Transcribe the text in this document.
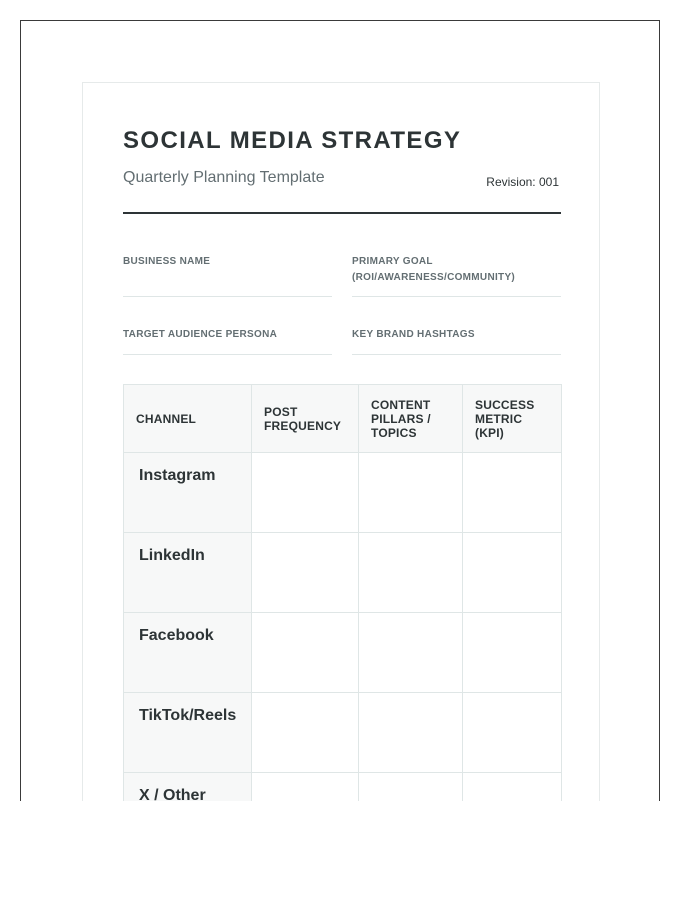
SOCIAL MEDIA STRATEGY
Quarterly Planning Template	Revision: 001
BUSINESS NAME	PRIMARY GOAL (ROI/AWARENESS/COMMUNITY)
TARGET AUDIENCE PERSONA	KEY BRAND HASHTAGS
CHANNEL	POST FREQUENCY	CONTENT PILLARS / TOPICS	SUCCESS METRIC (KPI)
Instagram			
LinkedIn			
Facebook			
TikTok/Reels			
X / Other			
